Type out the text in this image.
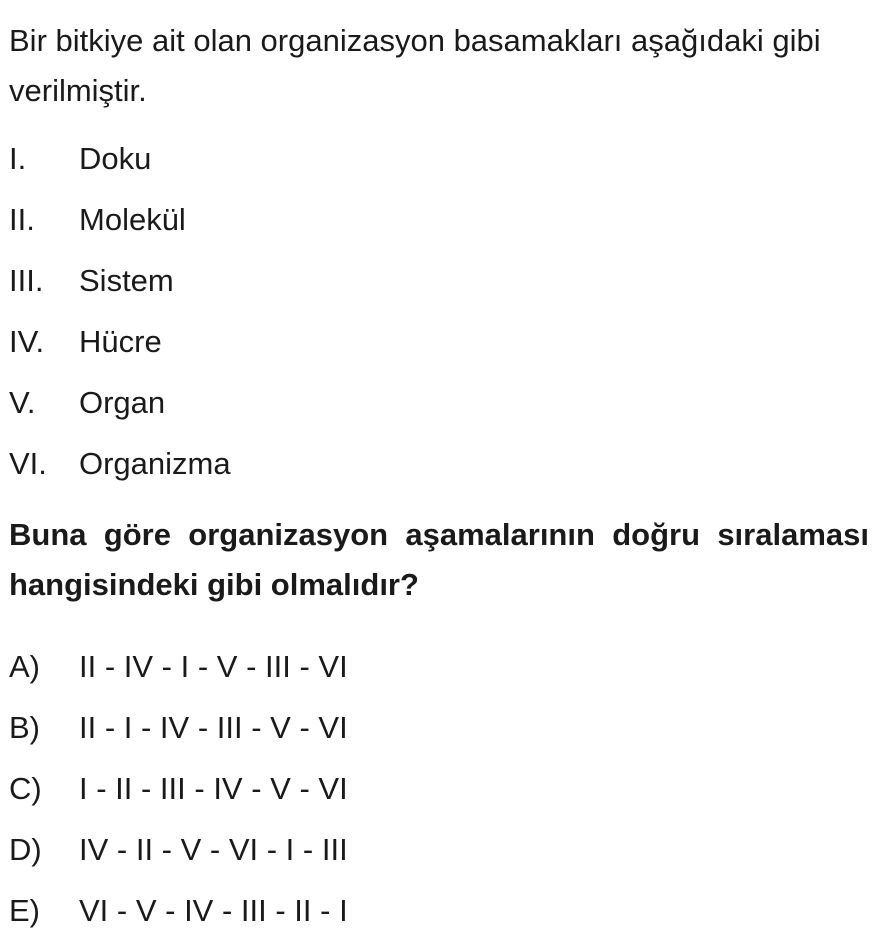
Bir bitkiye ait olan organizasyon basamakları aşağıdaki gibi verilmiştir.

I.	Doku
II.	Molekül
III.	Sistem
IV.	Hücre
V.	Organ
VI.	Organizma

Buna göre organizasyon aşamalarının doğru sıralaması hangisindeki gibi olmalıdır?

A)	II - IV - I - V - III - VI
B)	II - I - IV - III - V - VI
C)	I - II - III - IV - V - VI
D)	IV - II - V - VI - I - III
E)	VI - V - IV - III - II - I
